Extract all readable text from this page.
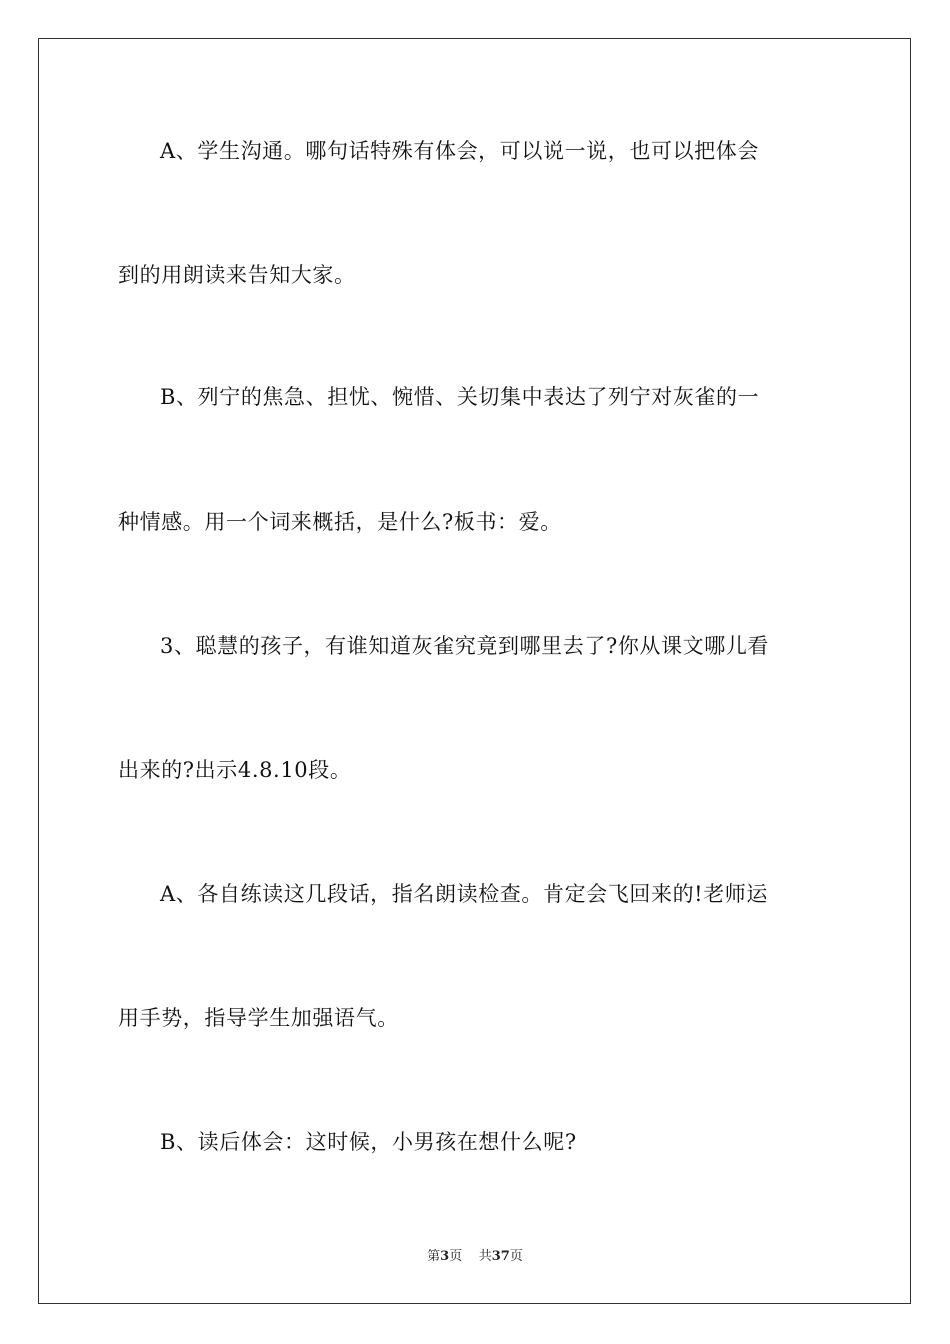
A、学生沟通。哪句话特殊有体会，可以说一说，也可以把体会
到的用朗读来告知大家。
B、列宁的焦急、担忧、惋惜、关切集中表达了列宁对灰雀的一
种情感。用一个词来概括，是什么?板书：爱。
3、聪慧的孩子，有谁知道灰雀究竟到哪里去了?你从课文哪儿看
出来的?出示4.8.10段。
A、各自练读这几段话，指名朗读检查。肯定会飞回来的!老师运
用手势，指导学生加强语气。
B、读后体会：这时候，小男孩在想什么呢?
第3页 共37页
